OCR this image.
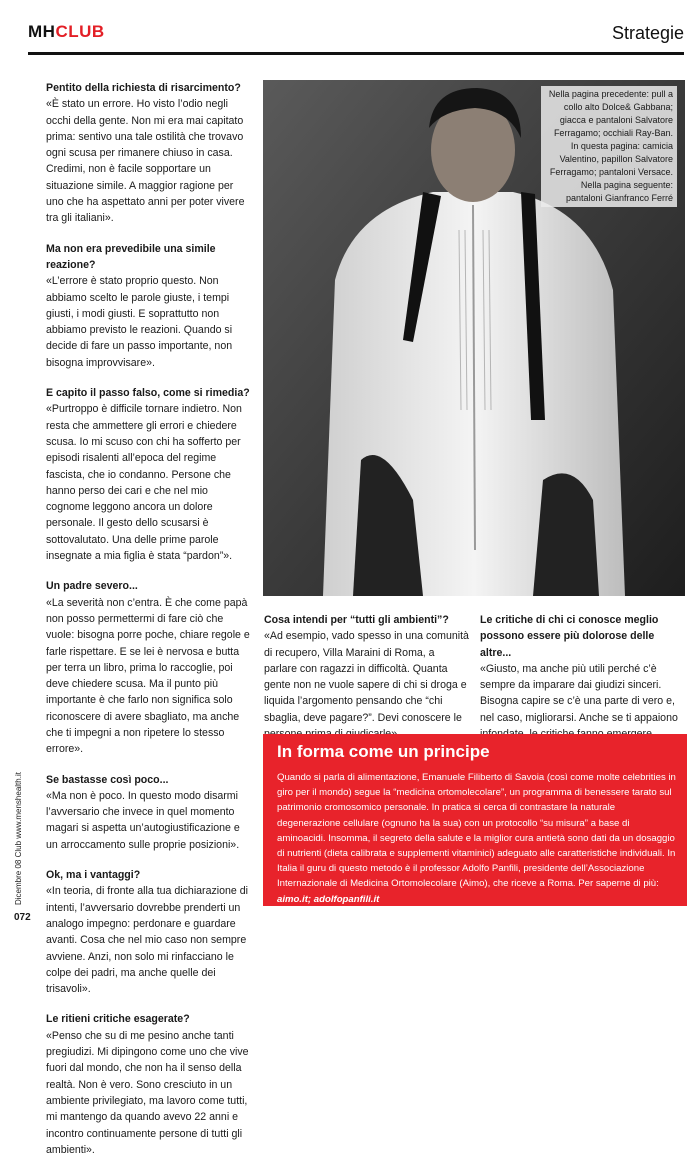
MHCLUB	Strategie

Pentito della richiesta di risarcimento?

«È stato un errore. Ho visto l’odio negli occhi della gente. Non mi era mai capitato prima: sentivo una tale ostilità che trovavo ogni scusa per rimanere chiuso in casa. Credimi, non è facile sopportare un situazione simile. A maggior ragione per uno che ha aspettato anni per poter vivere tra gli italiani».

Ma non era prevedibile una simile reazione?

«L’errore è stato proprio questo. Non abbiamo scelto le parole giuste, i tempi giusti, i modi giusti. E soprattutto non abbiamo previsto le reazioni. Quando si decide di fare un passo importante, non bisogna improvvisare».

E capito il passo falso, come si rimedia?

«Purtroppo è difficile tornare indietro. Non resta che ammettere gli errori e chiedere scusa. Io mi scuso con chi ha sofferto per episodi risalenti all’epoca del regime fascista, che io condanno. Persone che hanno perso dei cari e che nel mio cognome leggono ancora un dolore personale. Il gesto dello scusarsi è sottovalutato. Una delle prime parole insegnate a mia figlia è stata “pardon”».

Un padre severo...

«La severità non c’entra. È che come papà non posso permettermi di fare ciò che vuole: bisogna porre poche, chiare regole e farle rispettare. E se lei è nervosa e butta per terra un libro, prima lo raccoglie, poi deve chiedere scusa. Ma il punto più importante è che farlo non significa solo riconoscere di avere sbagliato, ma anche che ti impegni a non ripetere lo stesso errore».

Se bastasse così poco...

«Ma non è poco. In questo modo disarmi l’avversario che invece in quel momento magari si aspetta un’autogiustificazione e un arroccamento sulle proprie posizioni».

Ok, ma i vantaggi?

«In teoria, di fronte alla tua dichiarazione di intenti, l’avversario dovrebbe prenderti un analogo impegno: perdonare e guardare avanti. Cosa che nel mio caso non sempre avviene. Anzi, non solo mi rinfacciano le colpe dei padri, ma anche quelle dei trisavoli».

Le ritieni critiche esagerate?

«Penso che su di me pesino anche tanti pregiudizi. Mi dipingono come uno che vive fuori dal mondo, che non ha il senso della realtà. Non è vero. Sono cresciuto in un ambiente privilegiato, ma lavoro come tutti, mi mantengo da quando avevo 22 anni e incontro continuamente persone di tutti gli ambienti».

Nella pagina precedente: pull a collo alto Dolce& Gabbana; giacca e pantaloni Salvatore Ferragamo; occhiali Ray-Ban. In questa pagina: camicia Valentino, papillon Salvatore Ferragamo; pantaloni Versace. Nella pagina seguente: pantaloni Gianfranco Ferré

Cosa intendi per “tutti gli ambienti”?

«Ad esempio, vado spesso in una comunità di recupero, Villa Maraini di Roma, a parlare con ragazzi in difficoltà. Quanta gente non ne vuole sapere di chi si droga e liquida l’argomento pensando che “chi sbaglia, deve pagare?”. Devi conoscere le

Le critiche di chi ci conosce meglio possono essere più dolorose delle altre...

«Giusto, ma anche più utili perché c’è sempre da imparare dai giudizi sinceri. Bisogna capire se c’è una parte di vero e, nel caso, migliorarsi. Anche se ti appaiono

In forma come un principe

Quando si parla di alimentazione, Emanuele Filiberto di Savoia (così come molte celebrities in giro per il mondo) segue la “medicina ortomolecolare”, un programma di benessere tarato sul patrimonio cromosomico personale. In pratica si cerca di contrastare la naturale degenerazione cellulare (ognuno ha la sua) con un protocollo “su misura” a base di aminoacidi. Insomma, il segreto della salute e la miglior cura antietà sono dati da un dosaggio di nutrienti (dieta calibrata e supplementi vitaminici) adeguato alle caratteristiche individuali. In Italia il guru di questo metodo è il professor Adolfo Panfili, presidente dell’Associazione Internazionale di Medicina Ortomolecolare (Aimo), che riceve a Roma. Per saperne di più: aimo.it; adolfopanfili.it

Dicembre 08 Club www.menshealth.it
072
